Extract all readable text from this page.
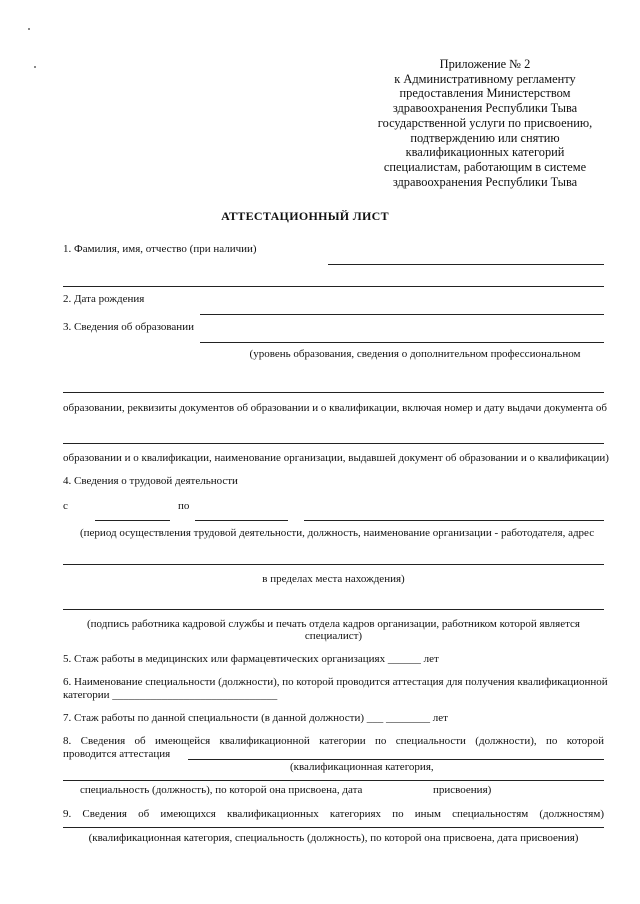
Приложение № 2
к Административному регламенту
предоставления Министерством
здравоохранения Республики Тыва
государственной услуги по присвоению,
подтверждению или снятию
квалификационных категорий
специалистам, работающим в системе
здравоохранения Республики Тыва
АТТЕСТАЦИОННЫЙ ЛИСТ
1. Фамилия, имя, отчество (при наличии)
2. Дата рождения
3. Сведения об образовании
(уровень образования, сведения о дополнительном профессиональном
образовании, реквизиты документов об образовании и о квалификации, включая номер и дату выдачи документа об
образовании и о квалификации, наименование организации, выдавшей документ об образовании и о квалификации)
4. Сведения о трудовой деятельности
с	по
(период осуществления трудовой деятельности, должность, наименование организации - работодателя, адрес
в пределах места нахождения)
(подпись работника кадровой службы и печать отдела кадров организации, работником которой является
специалист)
5. Стаж работы в медицинских или фармацевтических организациях ______ лет
6. Наименование специальности (должности), по которой проводится аттестация для получения квалификационной
категории ______________________________
7. Стаж работы по данной специальности (в данной должности) ___ ________ лет
8. Сведения об имеющейся квалификационной категории по специальности (должности), по которой
проводится аттестация
(квалификационная категория,
специальность (должность), по которой она присвоена, дата	присвоения)
9. Сведения об имеющихся квалификационных категориях по иным специальностям (должностям)
(квалификационная категория, специальность (должность), по которой она присвоена, дата присвоения)
